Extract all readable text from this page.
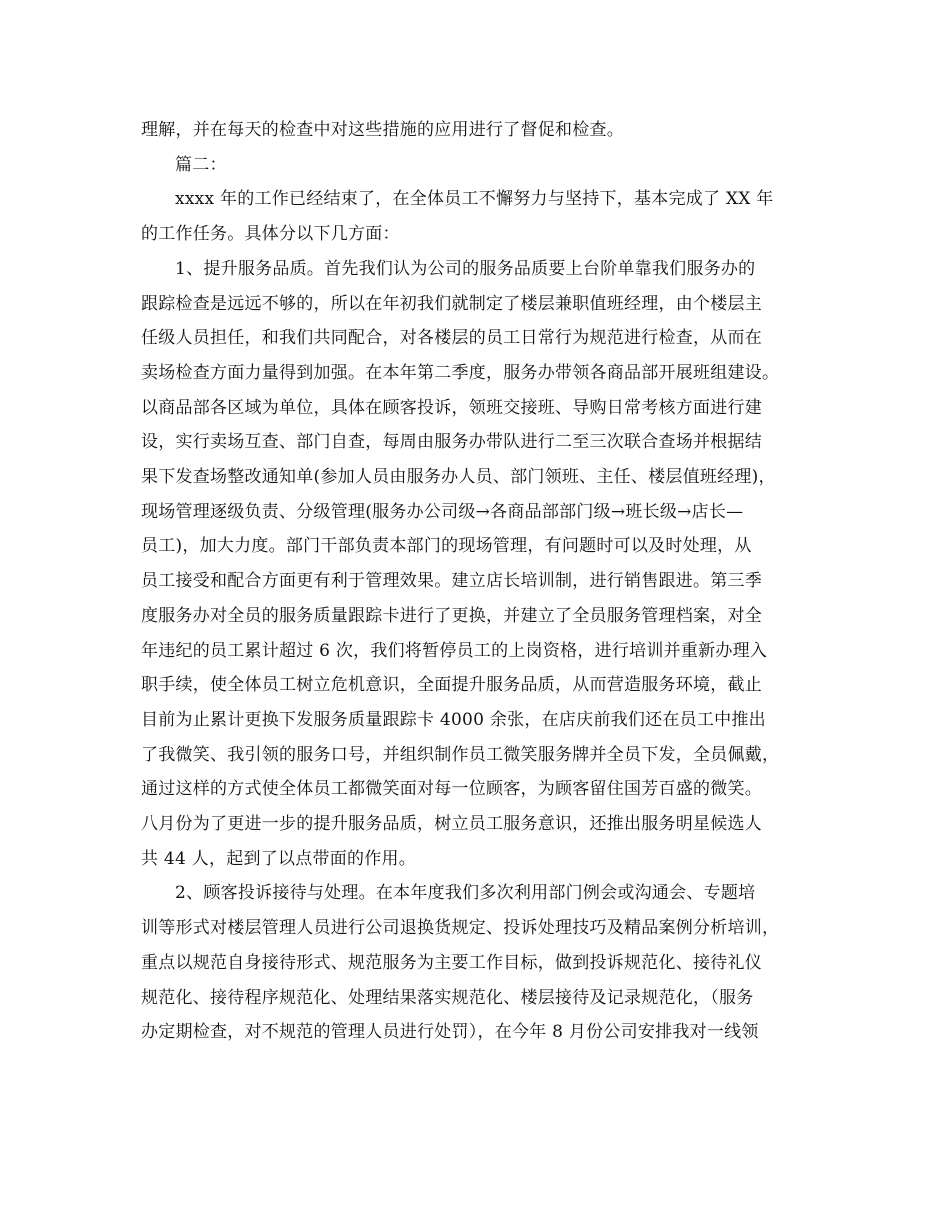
理解，并在每天的检查中对这些措施的应用进行了督促和检查。
篇二：
xxxx 年的工作已经结束了，在全体员工不懈努力与坚持下，基本完成了 XX 年
的工作任务。具体分以下几方面：
1、提升服务品质。首先我们认为公司的服务品质要上台阶单靠我们服务办的
跟踪检查是远远不够的，所以在年初我们就制定了楼层兼职值班经理，由个楼层主
任级人员担任，和我们共同配合，对各楼层的员工日常行为规范进行检查，从而在
卖场检查方面力量得到加强。在本年第二季度，服务办带领各商品部开展班组建设。
以商品部各区域为单位，具体在顾客投诉，领班交接班、导购日常考核方面进行建
设，实行卖场互查、部门自查，每周由服务办带队进行二至三次联合查场并根据结
果下发查场整改通知单(参加人员由服务办人员、部门领班、主任、楼层值班经理)，
现场管理逐级负责、分级管理(服务办公司级→各商品部部门级→班长级→店长—
员工)，加大力度。部门干部负责本部门的现场管理，有问题时可以及时处理，从
员工接受和配合方面更有利于管理效果。建立店长培训制，进行销售跟进。第三季
度服务办对全员的服务质量跟踪卡进行了更换，并建立了全员服务管理档案，对全
年违纪的员工累计超过 6 次，我们将暂停员工的上岗资格，进行培训并重新办理入
职手续，使全体员工树立危机意识，全面提升服务品质，从而营造服务环境，截止
目前为止累计更换下发服务质量跟踪卡 4000 余张，在店庆前我们还在员工中推出
了我微笑、我引领的服务口号，并组织制作员工微笑服务牌并全员下发，全员佩戴，
通过这样的方式使全体员工都微笑面对每一位顾客，为顾客留住国芳百盛的微笑。
八月份为了更进一步的提升服务品质，树立员工服务意识，还推出服务明星候选人
共 44 人，起到了以点带面的作用。
2、顾客投诉接待与处理。在本年度我们多次利用部门例会或沟通会、专题培
训等形式对楼层管理人员进行公司退换货规定、投诉处理技巧及精品案例分析培训，
重点以规范自身接待形式、规范服务为主要工作目标，做到投诉规范化、接待礼仪
规范化、接待程序规范化、处理结果落实规范化、楼层接待及记录规范化，（服务
办定期检查，对不规范的管理人员进行处罚），在今年 8 月份公司安排我对一线领
